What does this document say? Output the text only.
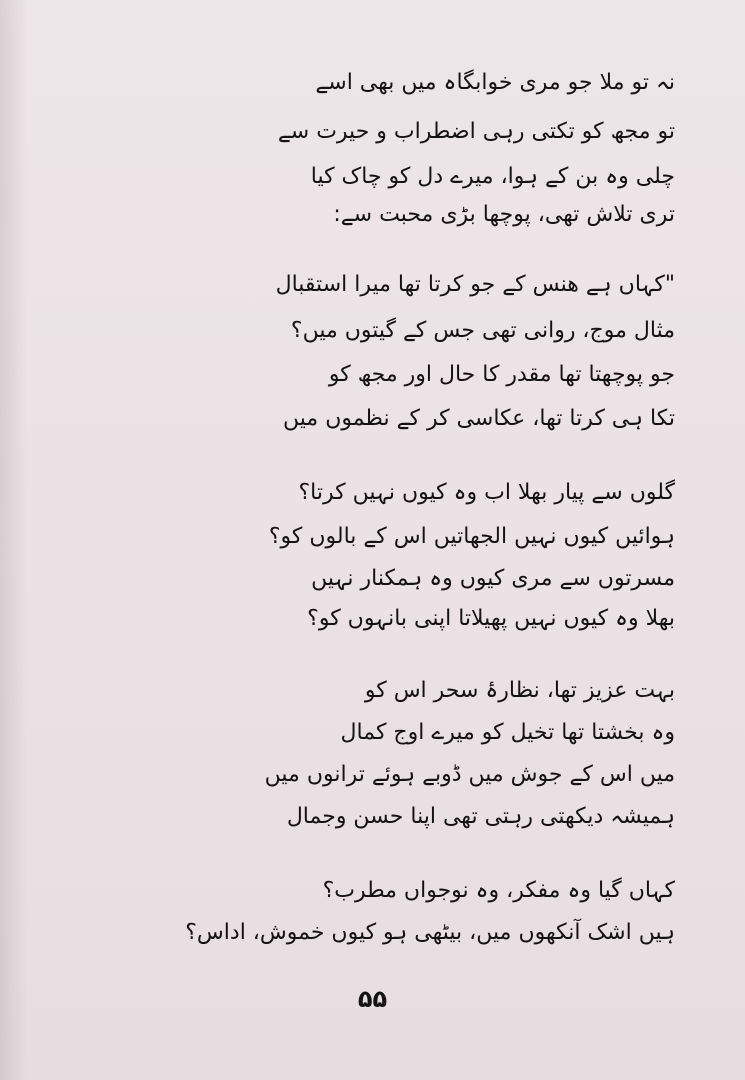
نہ تو ملا جو مری خوابگاہ میں بھی اسے
تو مجھ کو تکتی رہی اضطراب و حیرت سے
چلی وہ بن کے ہوا، میرے دل کو چاک کیا
تری تلاش تھی، پوچھا بڑی محبت سے:
"کہاں ہے ھنس کے جو کرتا تھا میرا استقبال
مثال موج، روانی تھی جس کے گیتوں میں؟
جو پوچھتا تھا مقدر کا حال اور مجھ کو
تکا ہی کرتا تھا، عکاسی کر کے نظموں میں
گلوں سے پیار بھلا اب وہ کیوں نہیں کرتا؟
ہوائیں کیوں نہیں الجھاتیں اس کے بالوں کو؟
مسرتوں سے مری کیوں وہ ہمکنار نہیں
بھلا وہ کیوں نہیں پھیلاتا اپنی بانہوں کو؟
بہت عزیز تھا، نظارۂ سحر اس کو
وہ بخشتا تھا تخیل کو میرے اوج کمال
میں اس کے جوش میں ڈوبے ہوئے ترانوں میں
ہمیشہ دیکھتی رہتی تھی اپنا حسن وجمال
کہاں گیا وہ مفکر، وہ نوجواں مطرب؟
ہیں اشک آنکھوں میں، بیٹھی ہو کیوں خموش، اداس؟
۵۵
